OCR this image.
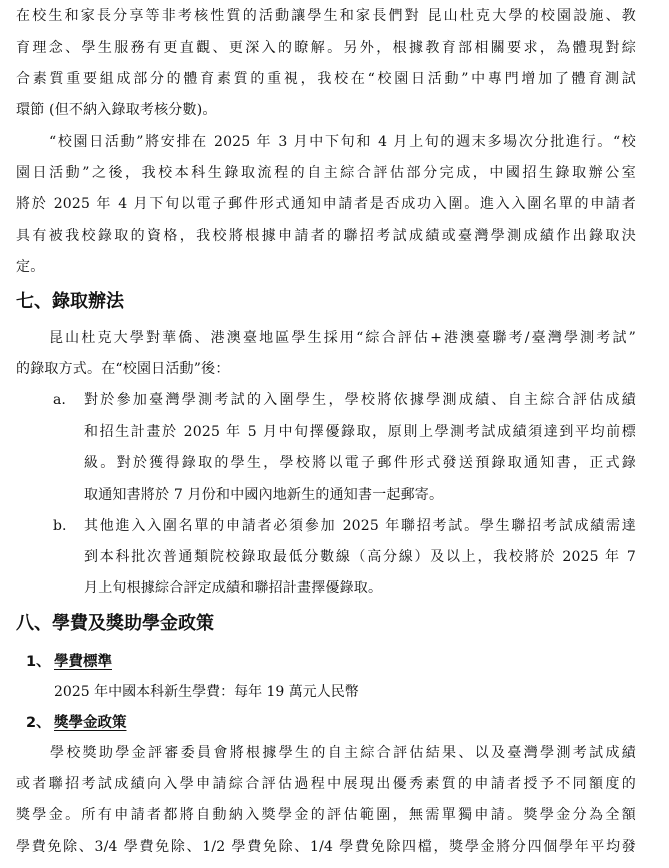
在校生和家長分享等非考核性質的活動讓學生和家長們對 昆山杜克大學的校園設施、教
育理念、學生服務有更直觀、更深入的瞭解。另外，根據教育部相關要求，為體現對綜
合素質重要組成部分的體育素質的重視，我校在“校園日活動”中專門增加了體育測試
環節 (但不納入錄取考核分數)。
“校園日活動”將安排在 2025 年 3 月中下旬和 4 月上旬的週末多場次分批進行。“校
園日活動”之後，我校本科生錄取流程的自主綜合評估部分完成，中國招生錄取辦公室
將於 2025 年 4 月下旬以電子郵件形式通知申請者是否成功入圍。進入入圍名單的申請者
具有被我校錄取的資格，我校將根據申請者的聯招考試成績或臺灣學測成績作出錄取決
定。
七、錄取辦法
昆山杜克大學對華僑、港澳臺地區學生採用“綜合評估+港澳臺聯考/臺灣學測考試”
的錄取方式。在“校園日活動”後：
a. 對於參加臺灣學測考試的入圍學生，學校將依據學測成績、自主綜合評估成績
和招生計畫於 2025 年 5 月中旬擇優錄取，原則上學測考試成績須達到平均前標
級。對於獲得錄取的學生，學校將以電子郵件形式發送預錄取通知書，正式錄
取通知書將於 7 月份和中國內地新生的通知書一起郵寄。
b. 其他進入入圍名單的申請者必須參加 2025 年聯招考試。學生聯招考試成績需達
到本科批次普通類院校錄取最低分數線（高分線）及以上，我校將於 2025 年 7
月上旬根據綜合評定成績和聯招計畫擇優錄取。
八、學費及獎助學金政策
1、 學費標準
2025 年中國本科新生學費：每年 19 萬元人民幣
2、 獎學金政策
學校獎助學金評審委員會將根據學生的自主綜合評估結果、以及臺灣學測考試成績
或者聯招考試成績向入學申請綜合評估過程中展現出優秀素質的申請者授予不同額度的
獎學金。所有申請者都將自動納入獎學金的評估範圍，無需單獨申請。獎學金分為全額
學費免除、3/4 學費免除、1/2 學費免除、1/4 學費免除四檔，獎學金將分四個學年平均發
